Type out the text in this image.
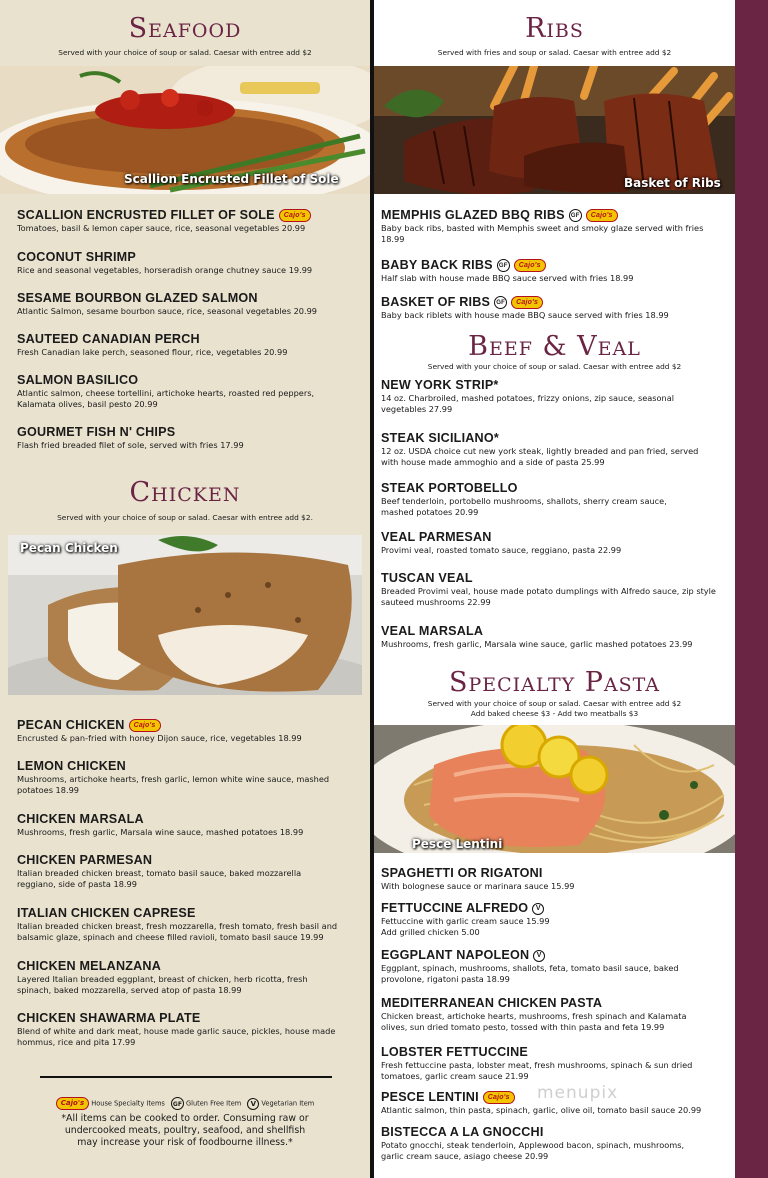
Seafood
Served with your choice of soup or salad. Caesar with entree add $2
Scallion Encrusted Fillet of Sole
SCALLION ENCRUSTED FILLET OF SOLE Cajo's
Tomatoes, basil & lemon caper sauce, rice, seasonal vegetables 20.99
COCONUT SHRIMP
Rice and seasonal vegetables, horseradish orange chutney sauce 19.99
SESAME BOURBON GLAZED SALMON
Atlantic Salmon, sesame bourbon sauce, rice, seasonal vegetables 20.99
SAUTEED CANADIAN PERCH
Fresh Canadian lake perch, seasoned flour, rice, vegetables 20.99
SALMON BASILICO
Atlantic salmon, cheese tortellini, artichoke hearts, roasted red peppers, Kalamata olives, basil pesto 20.99
GOURMET FISH N' CHIPS
Flash fried breaded filet of sole, served with fries 17.99
Chicken
Served with your choice of soup or salad. Caesar with entree add $2.
Pecan Chicken
PECAN CHICKEN Cajo's
Encrusted & pan-fried with honey Dijon sauce, rice, vegetables 18.99
LEMON CHICKEN
Mushrooms, artichoke hearts, fresh garlic, lemon white wine sauce, mashed potatoes 18.99
CHICKEN MARSALA
Mushrooms, fresh garlic, Marsala wine sauce, mashed potatoes 18.99
CHICKEN PARMESAN
Italian breaded chicken breast, tomato basil sauce, baked mozzarella reggiano, side of pasta 18.99
ITALIAN CHICKEN CAPRESE
Italian breaded chicken breast, fresh mozzarella, fresh tomato, fresh basil and balsamic glaze, spinach and cheese filled ravioli, tomato basil sauce 19.99
CHICKEN MELANZANA
Layered Italian breaded eggplant, breast of chicken, herb ricotta, fresh spinach, baked mozzarella, served atop of pasta 18.99
CHICKEN SHAWARMA PLATE
Blend of white and dark meat, house made garlic sauce, pickles, house made hommus, rice and pita 17.99
Cajo's House Specialty Items GF Gluten Free Item V Vegetarian Item
*All items can be cooked to order. Consuming raw or undercooked meats, poultry, seafood, and shellfish may increase your risk of foodbourne illness.*
Ribs
Served with fries and soup or salad. Caesar with entree add $2
Basket of Ribs
MEMPHIS GLAZED BBQ RIBS GF Cajo's
Baby back ribs, basted with Memphis sweet and smoky glaze served with fries 18.99
BABY BACK RIBS GF Cajo's
Half slab with house made BBQ sauce served with fries 18.99
BASKET OF RIBS GF Cajo's
Baby back riblets with house made BBQ sauce served with fries 18.99
Beef & Veal
Served with your choice of soup or salad. Caesar with entree add $2
NEW YORK STRIP*
14 oz. Charbroiled, mashed potatoes, frizzy onions, zip sauce, seasonal vegetables 27.99
STEAK SICILIANO*
12 oz. USDA choice cut new york steak, lightly breaded and pan fried, served with house made ammoghio and a side of pasta 25.99
STEAK PORTOBELLO
Beef tenderloin, portobello mushrooms, shallots, sherry cream sauce, mashed potatoes 20.99
VEAL PARMESAN
Provimi veal, roasted tomato sauce, reggiano, pasta 22.99
TUSCAN VEAL
Breaded Provimi veal, house made potato dumplings with Alfredo sauce, zip style sauteed mushrooms 22.99
VEAL MARSALA
Mushrooms, fresh garlic, Marsala wine sauce, garlic mashed potatoes 23.99
Specialty Pasta
Served with your choice of soup or salad. Caesar with entree add $2
Add baked cheese $3 - Add two meatballs $3
Pesce Lentini
SPAGHETTI OR RIGATONI
With bolognese sauce or marinara sauce 15.99
FETTUCCINE ALFREDO V
Fettuccine with garlic cream sauce 15.99
Add grilled chicken 5.00
EGGPLANT NAPOLEON V
Eggplant, spinach, mushrooms, shallots, feta, tomato basil sauce, baked provolone, rigatoni pasta 18.99
MEDITERRANEAN CHICKEN PASTA
Chicken breast, artichoke hearts, mushrooms, fresh spinach and Kalamata olives, sun dried tomato pesto, tossed with thin pasta and feta 19.99
LOBSTER FETTUCCINE
Fresh fettuccine pasta, lobster meat, fresh mushrooms, spinach & sun dried tomatoes, garlic cream sauce 21.99
PESCE LENTINI Cajo's
Atlantic salmon, thin pasta, spinach, garlic, olive oil, tomato basil sauce 20.99
BISTECCA A LA GNOCCHI
Potato gnocchi, steak tenderloin, Applewood bacon, spinach, mushrooms, garlic cream sauce, asiago cheese 20.99
menupix
